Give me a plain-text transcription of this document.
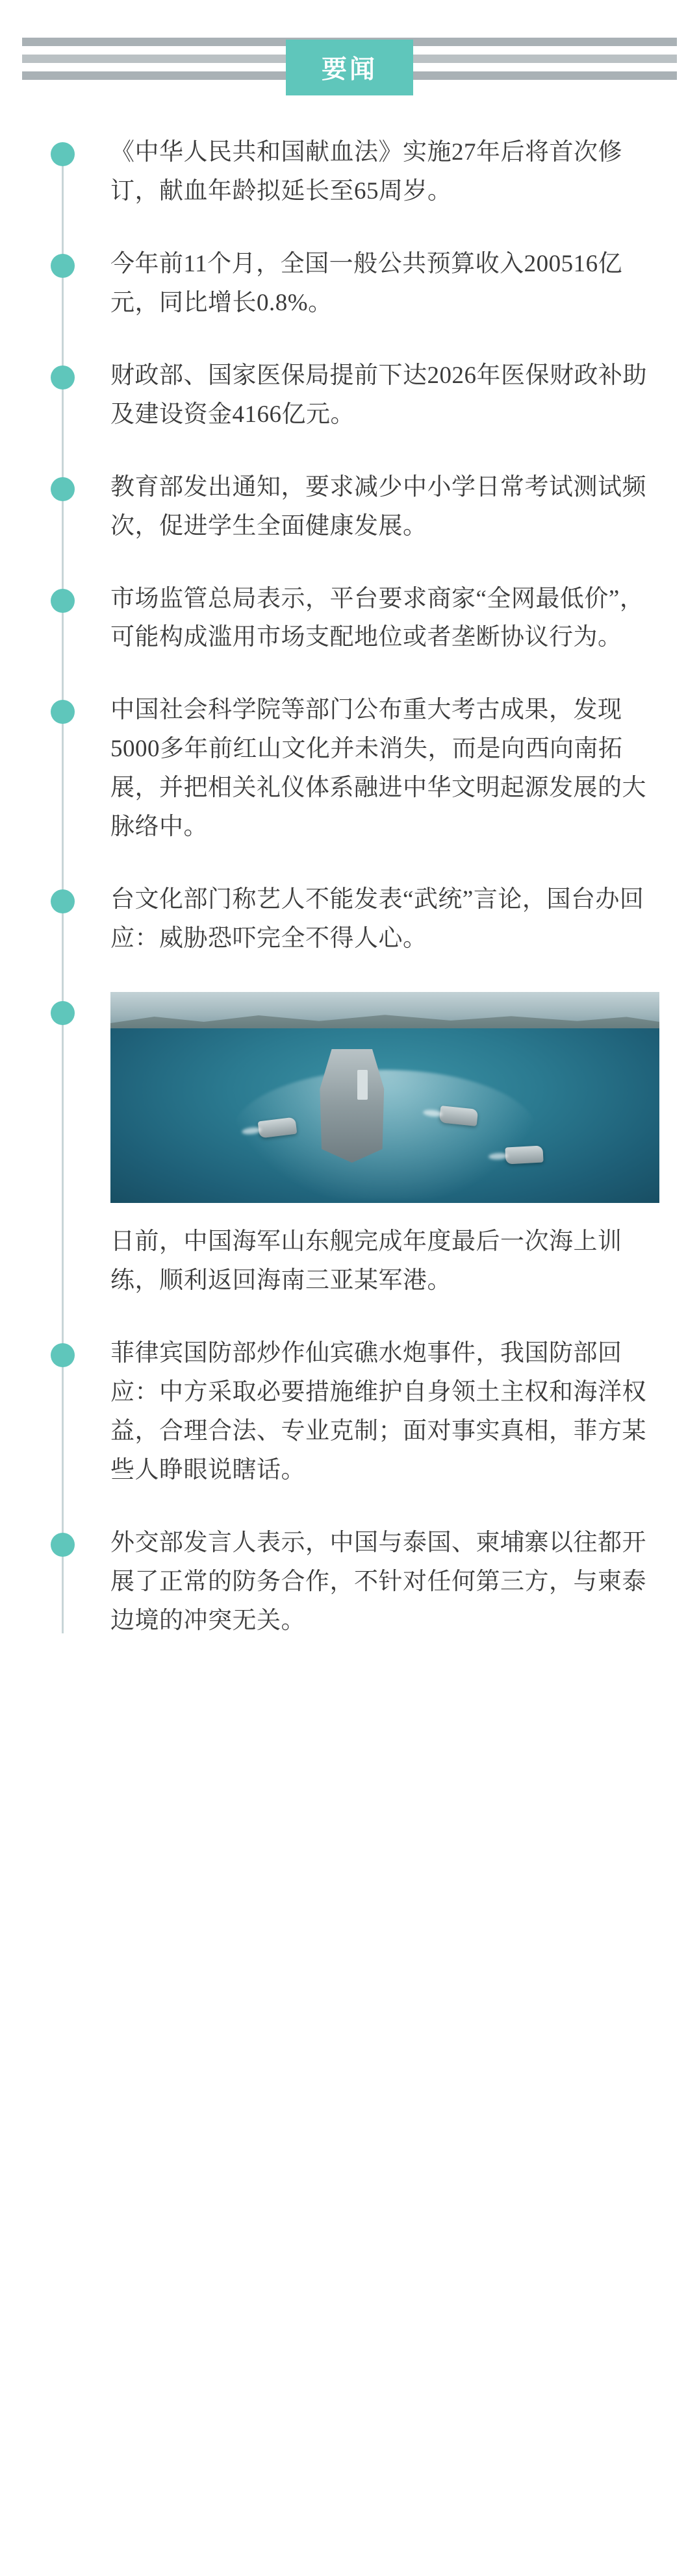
要闻

《中华人民共和国献血法》实施27年后将首次修订，献血年龄拟延长至65周岁。

今年前11个月，全国一般公共预算收入200516亿元，同比增长0.8%。

财政部、国家医保局提前下达2026年医保财政补助及建设资金4166亿元。

教育部发出通知，要求减少中小学日常考试测试频次，促进学生全面健康发展。

市场监管总局表示，平台要求商家“全网最低价”，可能构成滥用市场支配地位或者垄断协议行为。

中国社会科学院等部门公布重大考古成果，发现5000多年前红山文化并未消失，而是向西向南拓展，并把相关礼仪体系融进中华文明起源发展的大脉络中。

台文化部门称艺人不能发表“武统”言论，国台办回应：威胁恐吓完全不得人心。

日前，中国海军山东舰完成年度最后一次海上训练，顺利返回海南三亚某军港。

菲律宾国防部炒作仙宾礁水炮事件，我国防部回应：中方采取必要措施维护自身领土主权和海洋权益，合理合法、专业克制；面对事实真相，菲方某些人睁眼说瞎话。

外交部发言人表示，中国与泰国、柬埔寨以往都开展了正常的防务合作，不针对任何第三方，与柬泰边境的冲突无关。
